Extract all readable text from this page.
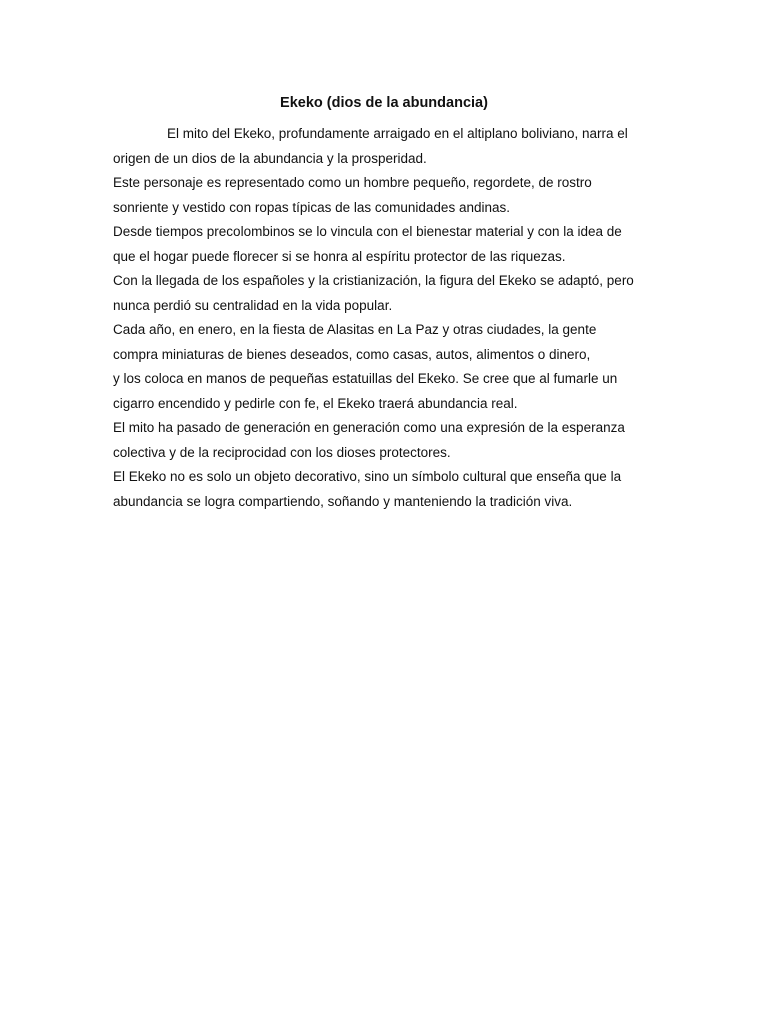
Ekeko (dios de la abundancia)

El mito del Ekeko, profundamente arraigado en el altiplano boliviano, narra el

origen de un dios de la abundancia y la prosperidad.

Este personaje es representado como un hombre pequeño, regordete, de rostro

sonriente y vestido con ropas típicas de las comunidades andinas.

Desde tiempos precolombinos se lo vincula con el bienestar material y con la idea de

que el hogar puede florecer si se honra al espíritu protector de las riquezas.

Con la llegada de los españoles y la cristianización, la figura del Ekeko se adaptó, pero

nunca perdió su centralidad en la vida popular.

Cada año, en enero, en la fiesta de Alasitas en La Paz y otras ciudades, la gente

compra miniaturas de bienes deseados, como casas, autos, alimentos o dinero,

y los coloca en manos de pequeñas estatuillas del Ekeko. Se cree que al fumarle un

cigarro encendido y pedirle con fe, el Ekeko traerá abundancia real.

El mito ha pasado de generación en generación como una expresión de la esperanza

colectiva y de la reciprocidad con los dioses protectores.

El Ekeko no es solo un objeto decorativo, sino un símbolo cultural que enseña que la

abundancia se logra compartiendo, soñando y manteniendo la tradición viva.
